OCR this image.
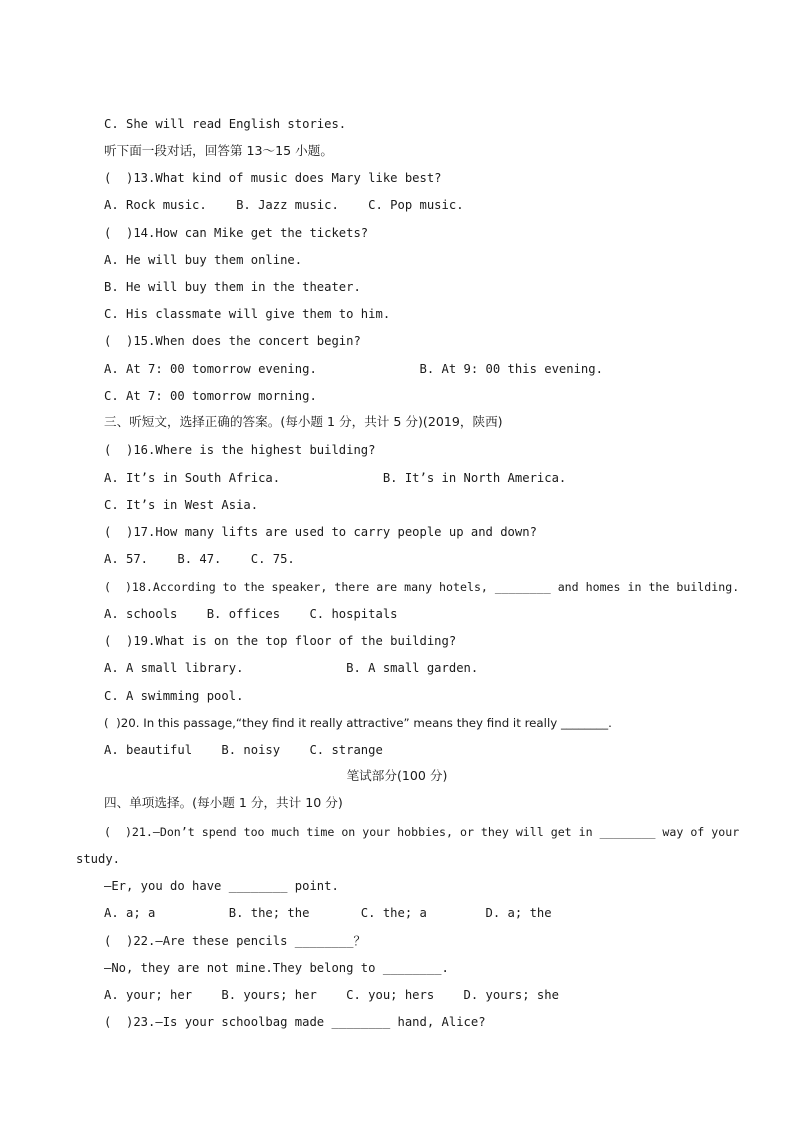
C. She will read English stories.
听下面一段对话，回答第 13～15 小题。
(  )13.What kind of music does Mary like best?
A. Rock music.    B. Jazz music.    C. Pop music.
(  )14.How can Mike get the tickets?
A. He will buy them online.
B. He will buy them in the theater.
C. His classmate will give them to him.
(  )15.When does the concert begin?
A. At 7: 00 tomorrow evening.              B. At 9: 00 this evening.
C. At 7: 00 tomorrow morning.
三、听短文，选择正确的答案。(每小题 1 分，共计 5 分)(2019，陕西)
(  )16.Where is the highest building?
A. It’s in South Africa.              B. It’s in North America.
C. It’s in West Asia.
(  )17.How many lifts are used to carry people up and down?
A. 57.    B. 47.    C. 75.
(  )18.According to the speaker, there are many hotels, ________ and homes in the building.
A. schools    B. offices    C. hospitals
(  )19.What is on the top floor of the building?
A. A small library.              B. A small garden.
C. A swimming pool.
(  )20. In this passage,“they find it really attractive” means they find it really ________.
A. beautiful    B. noisy    C. strange
笔试部分(100 分)
四、单项选择。(每小题 1 分，共计 10 分)
(  )21.—Don’t spend too much time on your hobbies, or they will get in ________ way of your
study.
—Er, you do have ________ point.
A. a; a          B. the; the       C. the; a        D. a; the
(  )22.—Are these pencils ________？
—No, they are not mine.They belong to ________.
A. your; her    B. yours; her    C. you; hers    D. yours; she
(  )23.—Is your schoolbag made ________ hand, Alice?
